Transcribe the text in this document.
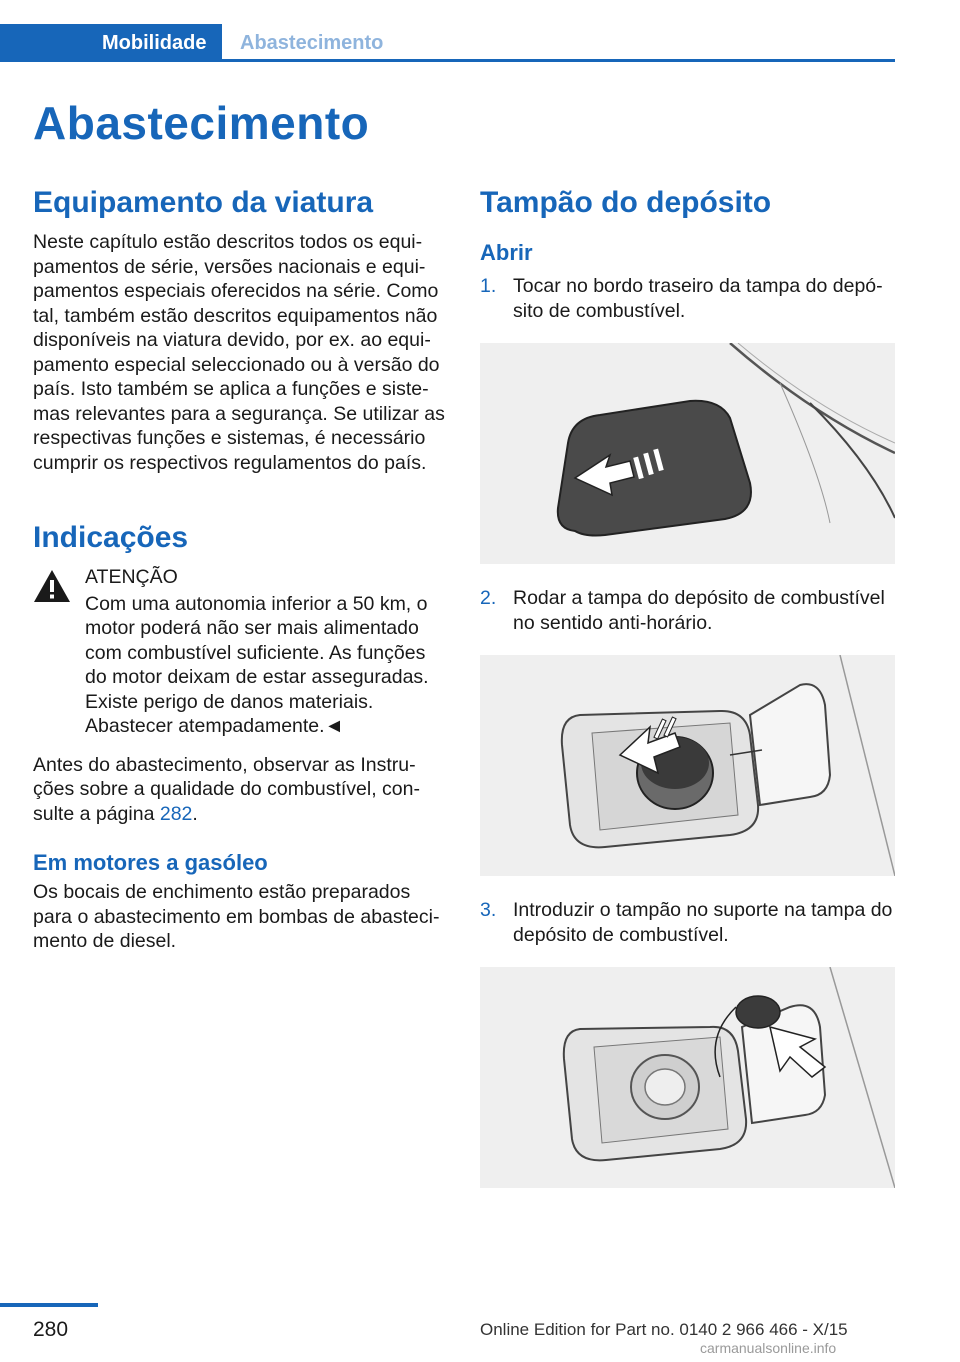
Mobilidade	Abastecimento
Abastecimento
Equipamento da viatura

Neste capítulo estão descritos todos os equipamentos de série, versões nacionais e equipamentos especiais oferecidos na série. Como tal, também estão descritos equipamentos não disponíveis na viatura devido, por ex. ao equipamento especial seleccionado ou à versão do país. Isto também se aplica a funções e sistemas relevantes para a segurança. Se utilizar as respectivas funções e sistemas, é necessário cumprir os respectivos regulamentos do país.

Indicações

ATENÇÃO

Com uma autonomia inferior a 50 km, o motor poderá não ser mais alimentado com combustível suficiente. As funções do motor deixam de estar asseguradas. Existe perigo de danos materiais. Abastecer atempadamente.◄

Antes do abastecimento, observar as Instruções sobre a qualidade do combustível, consulte a página 282.

Em motores a gasóleo

Os bocais de enchimento estão preparados para o abastecimento em bombas de abastecimento de diesel.

Tampão do depósito
Abrir
1. Tocar no bordo traseiro da tampa do depósito de combustível.
2. Rodar a tampa do depósito de combustível no sentido anti-horário.
3. Introduzir o tampão no suporte na tampa do depósito de combustível.
280	Online Edition for Part no. 0140 2 966 466 - X/15
carmanualsonline.info
